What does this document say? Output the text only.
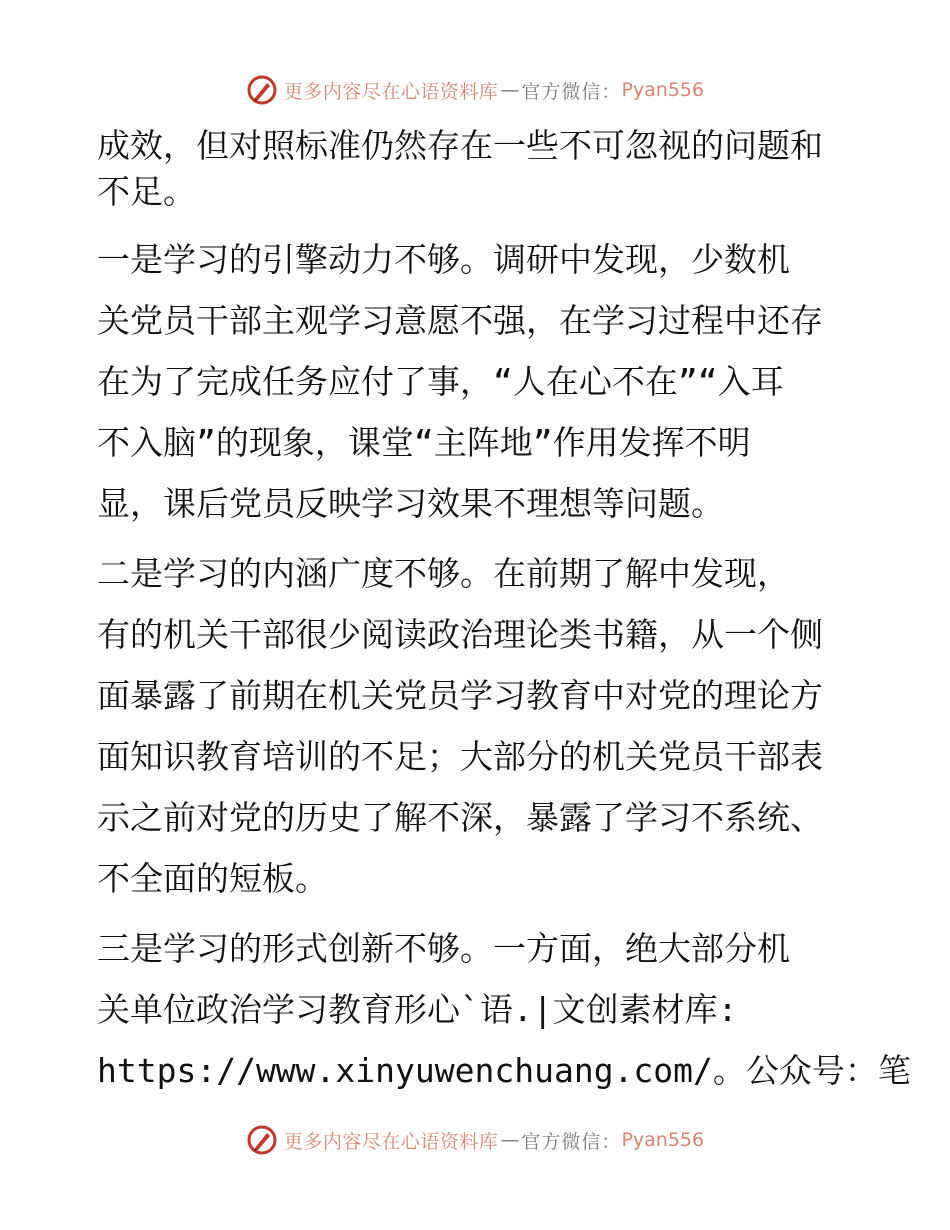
更多内容尽在心语资料库 — 官方微信： Pyan556
成效，但对照标准仍然存在一些不可忽视的问题和
不足。
一是学习的引擎动力不够。调研中发现，少数机
关党员干部主观学习意愿不强，在学习过程中还存
在为了完成任务应付了事，“人在心不在”“入耳
不入脑”的现象，课堂“主阵地”作用发挥不明
显，课后党员反映学习效果不理想等问题。
二是学习的内涵广度不够。在前期了解中发现，
有的机关干部很少阅读政治理论类书籍，从一个侧
面暴露了前期在机关党员学习教育中对党的理论方
面知识教育培训的不足；大部分的机关党员干部表
示之前对党的历史了解不深，暴露了学习不系统、
不全面的短板。
三是学习的形式创新不够。一方面，绝大部分机
关单位政治学习教育形心`语.|文创素材库:
https://www.xinyuwenchuang.com/。公众号：笔
更多内容尽在心语资料库 — 官方微信： Pyan556
